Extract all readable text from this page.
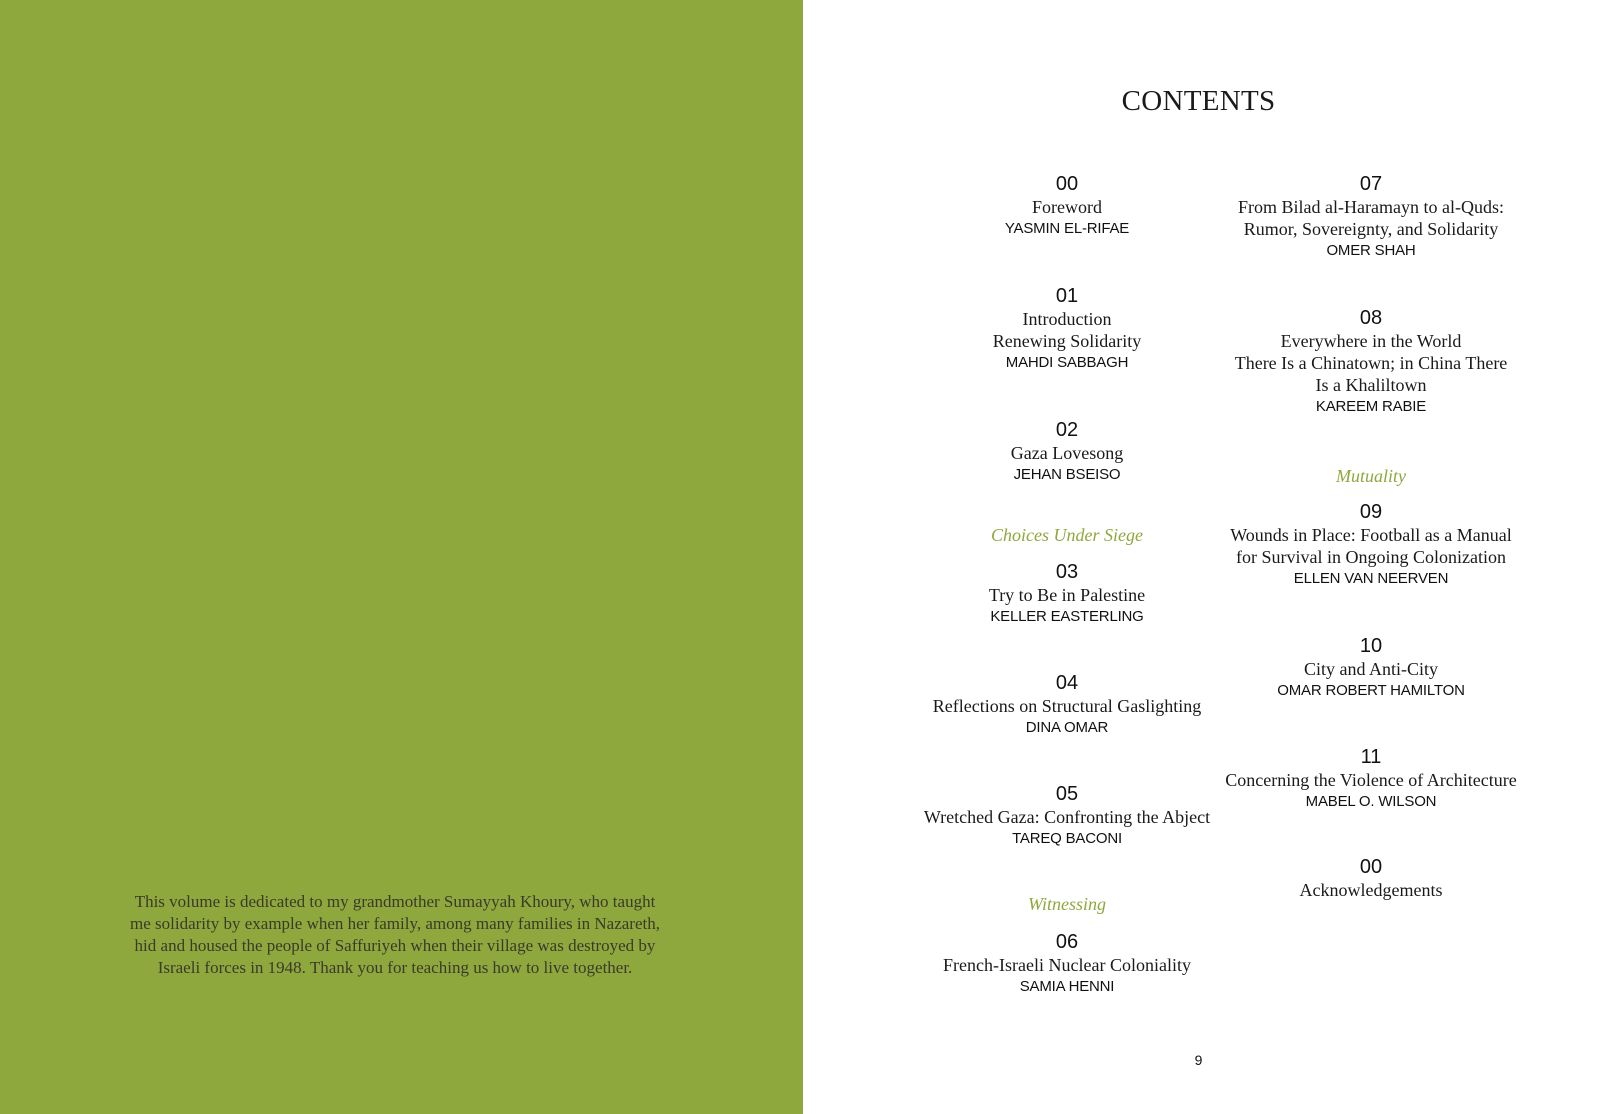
This volume is dedicated to my grandmother Sumayyah Khoury, who taught me solidarity by example when her family, among many families in Nazareth, hid and housed the people of Saffuriyeh when their village was destroyed by Israeli forces in 1948. Thank you for teaching us how to live together.
CONTENTS
00
Foreword
YASMIN EL-RIFAE
01
Introduction
Renewing Solidarity
MAHDI SABBAGH
02
Gaza Lovesong
JEHAN BSEISO
Choices Under Siege
03
Try to Be in Palestine
KELLER EASTERLING
04
Reflections on Structural Gaslighting
DINA OMAR
05
Wretched Gaza: Confronting the Abject
TAREQ BACONI
Witnessing
06
French-Israeli Nuclear Coloniality
SAMIA HENNI
07
From Bilad al-Haramayn to al-Quds:
Rumor, Sovereignty, and Solidarity
OMER SHAH
08
Everywhere in the World
There Is a Chinatown; in China There
Is a Khaliltown
KAREEM RABIE
Mutuality
09
Wounds in Place: Football as a Manual
for Survival in Ongoing Colonization
ELLEN VAN NEERVEN
10
City and Anti-City
OMAR ROBERT HAMILTON
11
Concerning the Violence of Architecture
MABEL O. WILSON
00
Acknowledgements
9
